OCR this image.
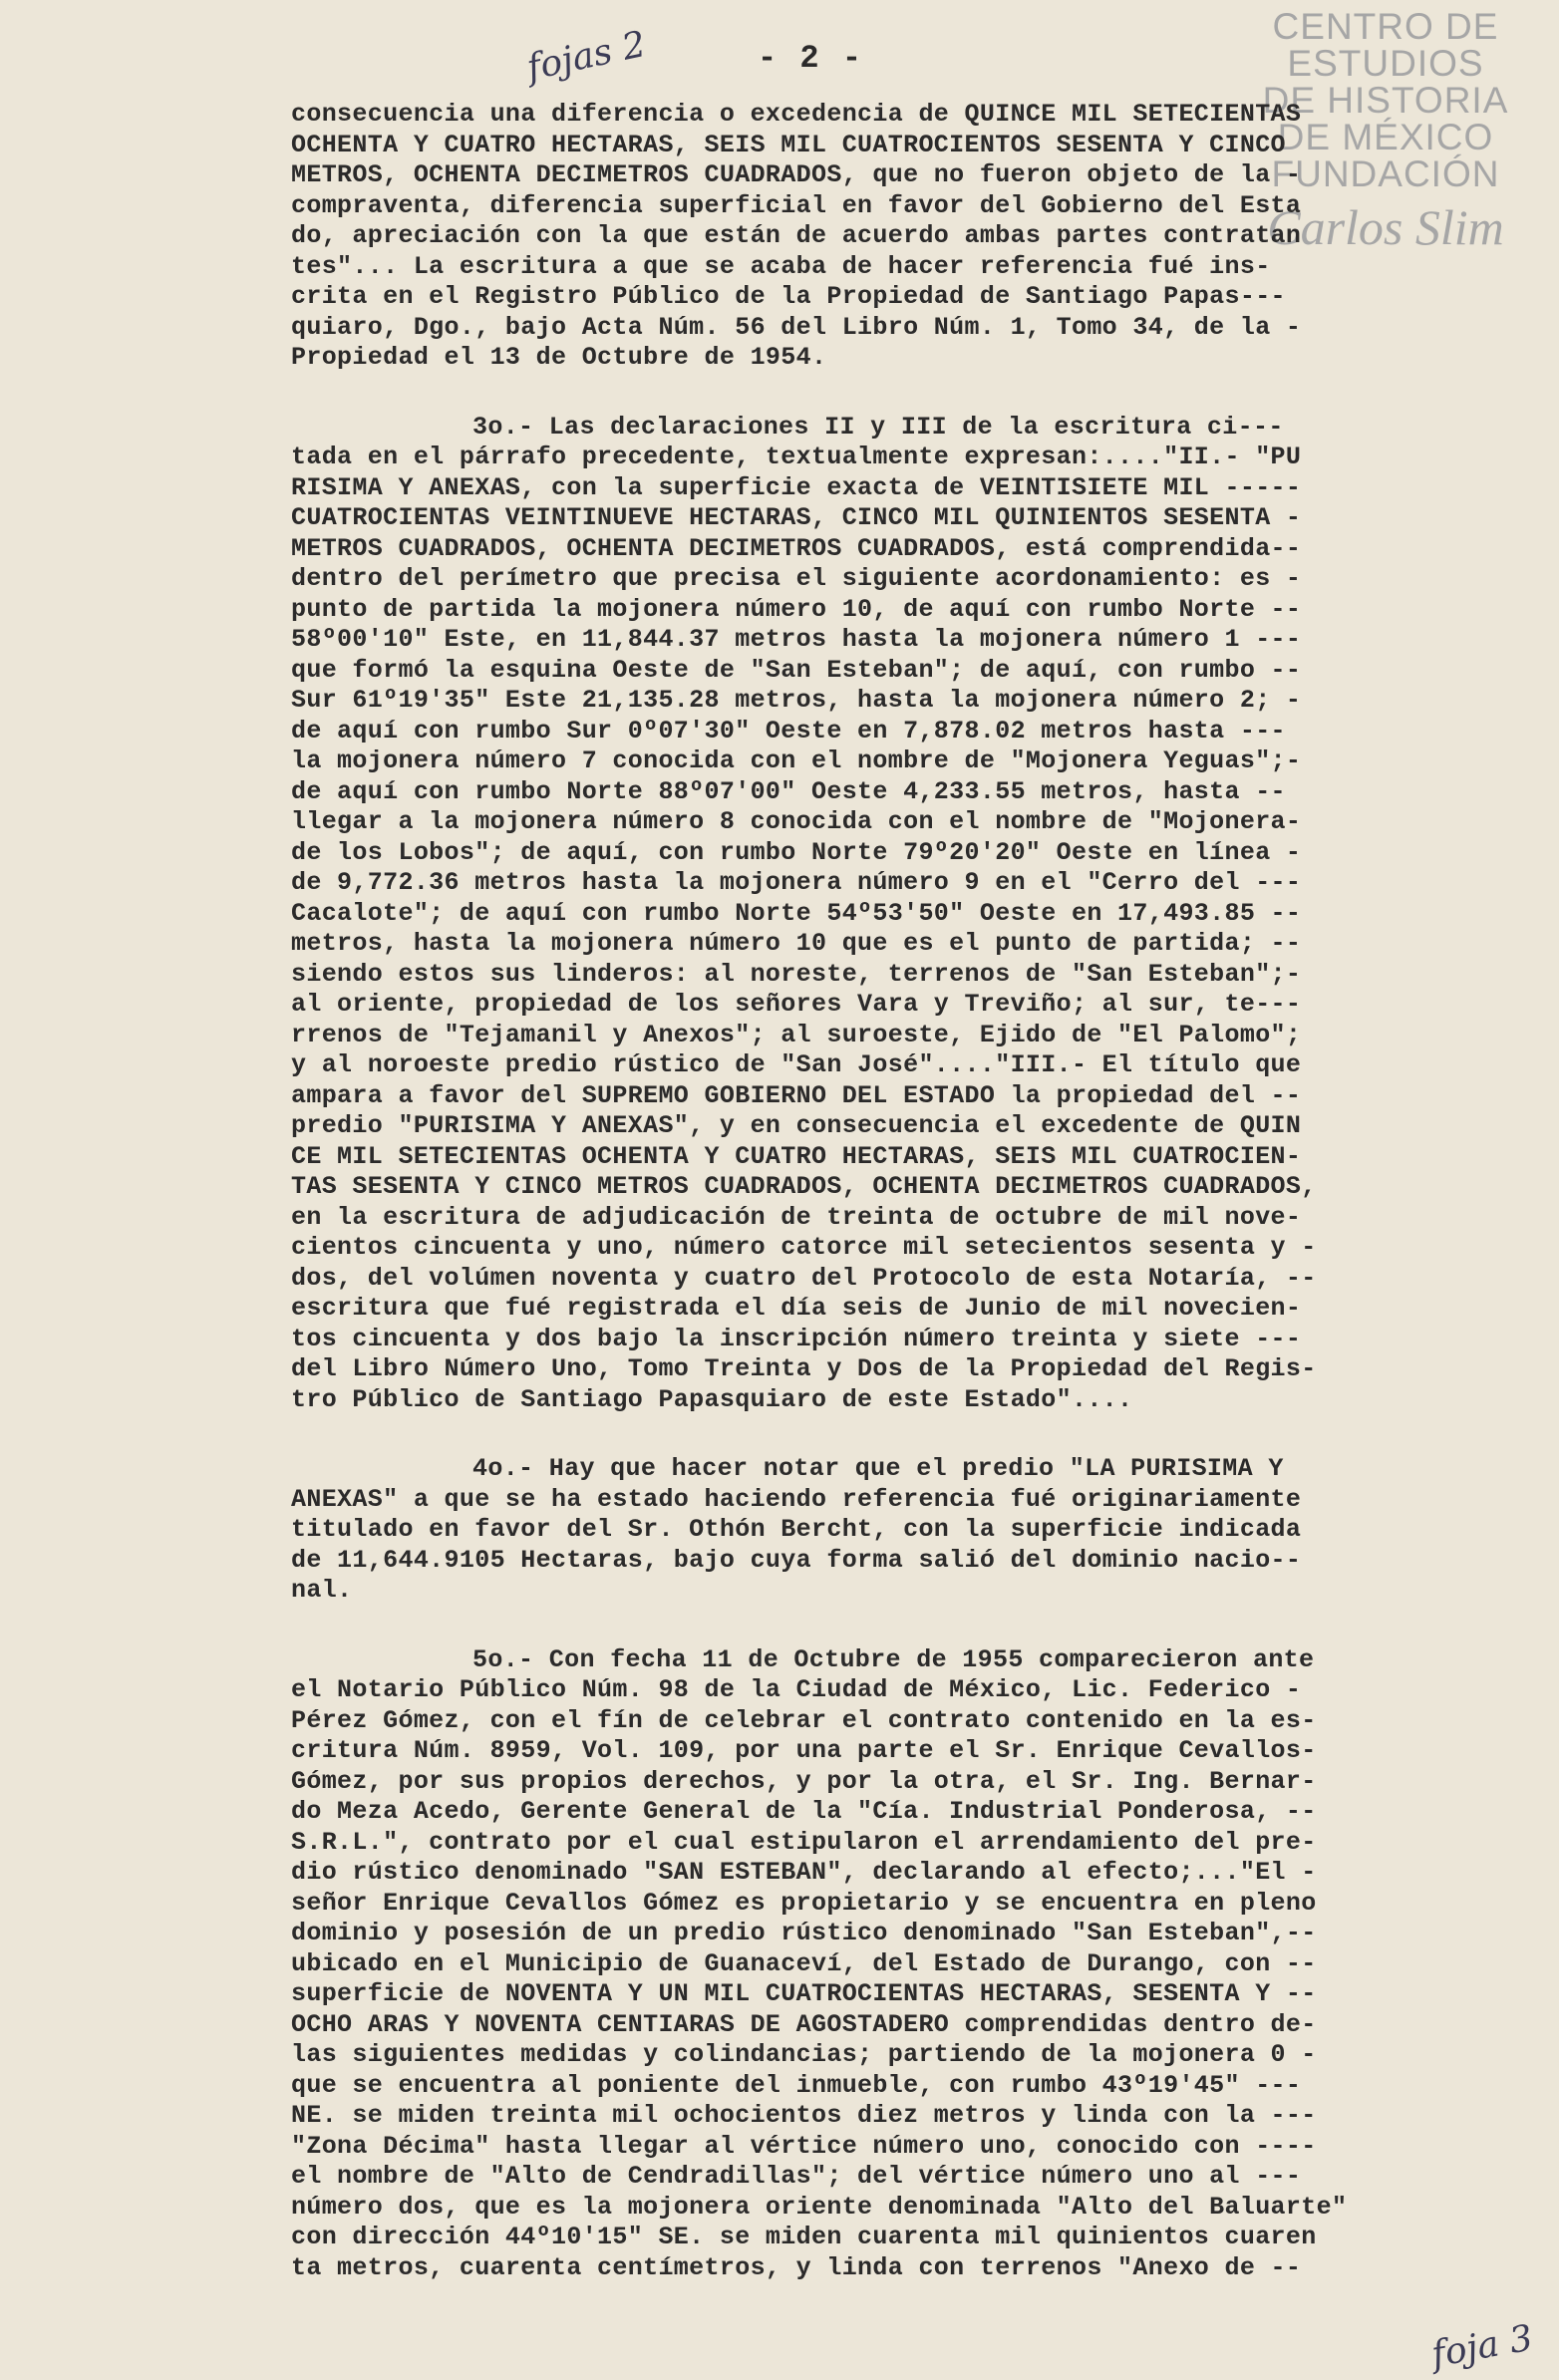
- 2 -
CENTRO DE
ESTUDIOS
DE HISTORIA
DE MÉXICO
FUNDACIÓN
Carlos Slim
fojas 2
consecuencia una diferencia o excedencia de QUINCE MIL SETECIENTAS
OCHENTA Y CUATRO HECTARAS, SEIS MIL CUATROCIENTOS SESENTA Y CINCO
METROS, OCHENTA DECIMETROS CUADRADOS, que no fueron objeto de la -
compraventa, diferencia superficial en favor del Gobierno del Esta
do, apreciación con la que están de acuerdo ambas partes contratan
tes"... La escritura a que se acaba de hacer referencia fué ins-
crita en el Registro Público de la Propiedad de Santiago Papas---
quiaro, Dgo., bajo Acta Núm. 56 del Libro Núm. 1, Tomo 34, de la -
Propiedad el 13 de Octubre de 1954.
3o.- Las declaraciones II y III de la escritura ci---
tada en el párrafo precedente, textualmente expresan:...."II.- "PU
RISIMA Y ANEXAS, con la superficie exacta de VEINTISIETE MIL -----
CUATROCIENTAS VEINTINUEVE HECTARAS, CINCO MIL QUINIENTOS SESENTA -
METROS CUADRADOS, OCHENTA DECIMETROS CUADRADOS, está comprendida--
dentro del perímetro que precisa el siguiente acordonamiento: es -
punto de partida la mojonera número 10, de aquí con rumbo Norte --
58º00'10" Este, en 11,844.37 metros hasta la mojonera número 1 ---
que formó la esquina Oeste de "San Esteban"; de aquí, con rumbo --
Sur 61º19'35" Este 21,135.28 metros, hasta la mojonera número 2; -
de aquí con rumbo Sur 0º07'30" Oeste en 7,878.02 metros hasta ---
la mojonera número 7 conocida con el nombre de "Mojonera Yeguas";-
de aquí con rumbo Norte 88º07'00" Oeste 4,233.55 metros, hasta --
llegar a la mojonera número 8 conocida con el nombre de "Mojonera-
de los Lobos"; de aquí, con rumbo Norte 79º20'20" Oeste en línea -
de 9,772.36 metros hasta la mojonera número 9 en el "Cerro del ---
Cacalote"; de aquí con rumbo Norte 54º53'50" Oeste en 17,493.85 --
metros, hasta la mojonera número 10 que es el punto de partida; --
siendo estos sus linderos: al noreste, terrenos de "San Esteban";-
al oriente, propiedad de los señores Vara y Treviño; al sur, te---
rrenos de "Tejamanil y Anexos"; al suroeste, Ejido de "El Palomo";
y al noroeste predio rústico de "San José"...."III.- El título que
ampara a favor del SUPREMO GOBIERNO DEL ESTADO la propiedad del --
predio "PURISIMA Y ANEXAS", y en consecuencia el excedente de QUIN
CE MIL SETECIENTAS OCHENTA Y CUATRO HECTARAS, SEIS MIL CUATROCIEN-
TAS SESENTA Y CINCO METROS CUADRADOS, OCHENTA DECIMETROS CUADRADOS,
en la escritura de adjudicación de treinta de octubre de mil nove-
cientos cincuenta y uno, número catorce mil setecientos sesenta y -
dos, del volúmen noventa y cuatro del Protocolo de esta Notaría, --
escritura que fué registrada el día seis de Junio de mil novecien-
tos cincuenta y dos bajo la inscripción número treinta y siete ---
del Libro Número Uno, Tomo Treinta y Dos de la Propiedad del Regis-
tro Público de Santiago Papasquiaro de este Estado"....
4o.- Hay que hacer notar que el predio "LA PURISIMA Y
ANEXAS" a que se ha estado haciendo referencia fué originariamente
titulado en favor del Sr. Othón Bercht, con la superficie indicada
de 11,644.9105 Hectaras, bajo cuya forma salió del dominio nacio--
nal.
5o.- Con fecha 11 de Octubre de 1955 comparecieron ante
el Notario Público Núm. 98 de la Ciudad de México, Lic. Federico -
Pérez Gómez, con el fín de celebrar el contrato contenido en la es-
critura Núm. 8959, Vol. 109, por una parte el Sr. Enrique Cevallos-
Gómez, por sus propios derechos, y por la otra, el Sr. Ing. Bernar-
do Meza Acedo, Gerente General de la "Cía. Industrial Ponderosa, --
S.R.L.", contrato por el cual estipularon el arrendamiento del pre-
dio rústico denominado "SAN ESTEBAN", declarando al efecto;..."El -
señor Enrique Cevallos Gómez es propietario y se encuentra en pleno
dominio y posesión de un predio rústico denominado "San Esteban",--
ubicado en el Municipio de Guanaceví, del Estado de Durango, con --
superficie de NOVENTA Y UN MIL CUATROCIENTAS HECTARAS, SESENTA Y --
OCHO ARAS Y NOVENTA CENTIARAS DE AGOSTADERO comprendidas dentro de-
las siguientes medidas y colindancias; partiendo de la mojonera 0 -
que se encuentra al poniente del inmueble, con rumbo 43º19'45" ---
NE. se miden treinta mil ochocientos diez metros y linda con la ---
"Zona Décima" hasta llegar al vértice número uno, conocido con ----
el nombre de "Alto de Cendradillas"; del vértice número uno al ---
número dos, que es la mojonera oriente denominada "Alto del Baluarte"
con dirección 44º10'15" SE. se miden cuarenta mil quinientos cuaren
ta metros, cuarenta centímetros, y linda con terrenos "Anexo de --
foja 3
